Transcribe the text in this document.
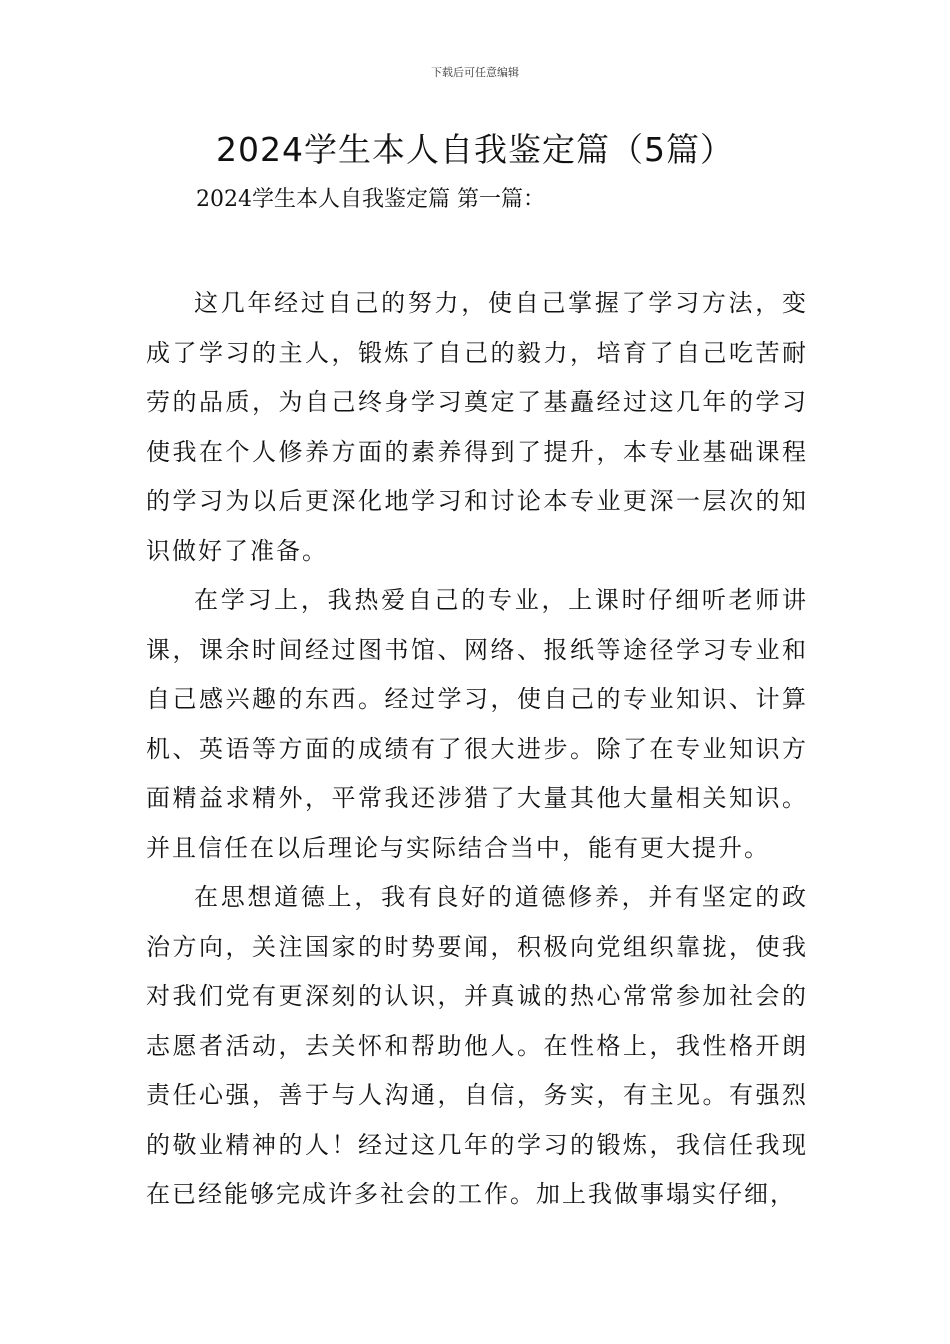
下载后可任意编辑
2024学生本人自我鉴定篇（5篇）
2024学生本人自我鉴定篇 第一篇：

这几年经过自己的努力，使自己掌握了学习方法，变成了学习的主人，锻炼了自己的毅力，培育了自己吃苦耐劳的品质，为自己终身学习奠定了基矗经过这几年的学习使我在个人修养方面的素养得到了提升，本专业基础课程的学习为以后更深化地学习和讨论本专业更深一层次的知识做好了准备。

在学习上，我热爱自己的专业，上课时仔细听老师讲课，课余时间经过图书馆、网络、报纸等途径学习专业和自己感兴趣的东西。经过学习，使自己的专业知识、计算机、英语等方面的成绩有了很大进步。除了在专业知识方面精益求精外，平常我还涉猎了大量其他大量相关知识。并且信任在以后理论与实际结合当中，能有更大提升。

在思想道德上，我有良好的道德修养，并有坚定的政治方向，关注国家的时势要闻，积极向党组织靠拢，使我对我们党有更深刻的认识，并真诚的热心常常参加社会的志愿者活动，去关怀和帮助他人。在性格上，我性格开朗责任心强，善于与人沟通，自信，务实，有主见。有强烈的敬业精神的人！经过这几年的学习的锻炼，我信任我现在已经能够完成许多社会的工作。加上我做事塌实仔细，
